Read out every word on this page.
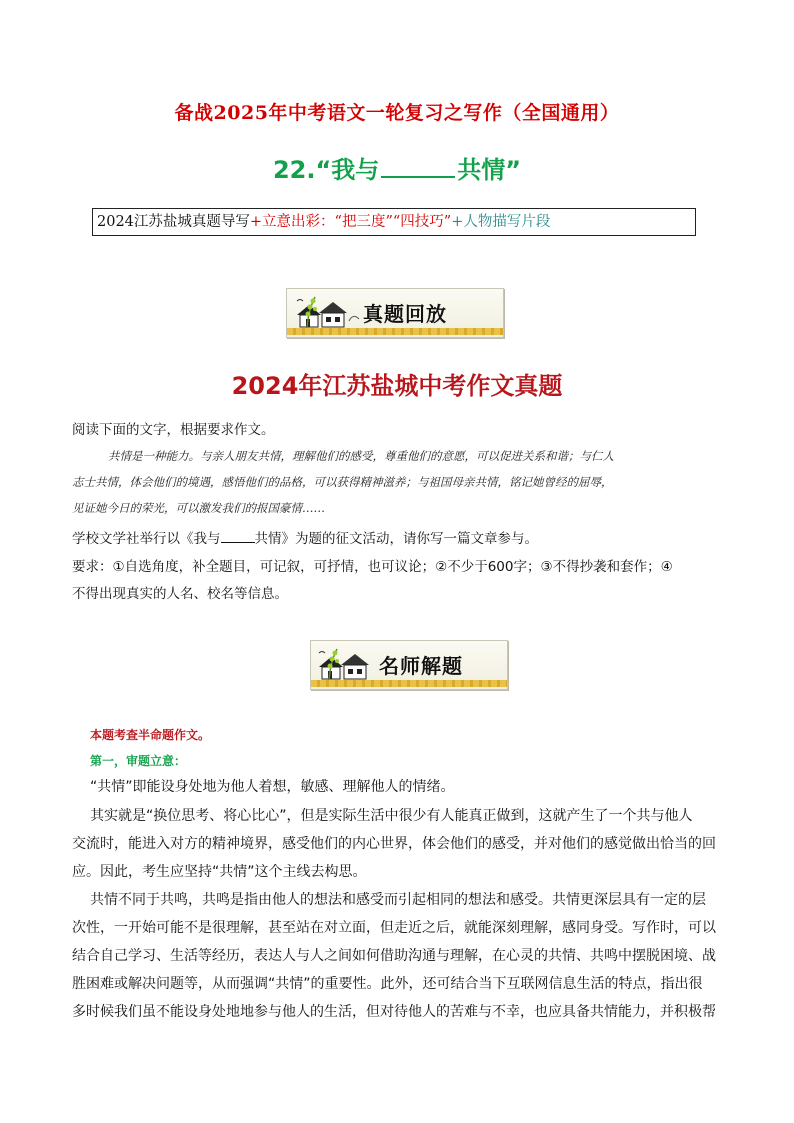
备战2025年中考语文一轮复习之写作（全国通用）
22.“我与	共情”
2024江苏盐城真题导写+立意出彩：“把三度”“四技巧”+人物描写片段
真题回放
2024年江苏盐城中考作文真题
阅读下面的文字，根据要求作文。
共情是一种能力。与亲人朋友共情，理解他们的感受，尊重他们的意愿，可以促进关系和谐；与仁人
志士共情，体会他们的境遇，感悟他们的品格，可以获得精神滋养；与祖国母亲共情，铭记她曾经的屈辱，
见证她今日的荣光，可以激发我们的报国豪情……
学校文学社举行以《我与	共情》为题的征文活动，请你写一篇文章参与。
要求：①自选角度，补全题目，可记叙，可抒情，也可议论；②不少于600字；③不得抄袭和套作；④
不得出现真实的人名、校名等信息。
名师解题
本题考查半命题作文。
第一，审题立意：
“共情”即能设身处地为他人着想，敏感、理解他人的情绪。
其实就是“换位思考、将心比心”，但是实际生活中很少有人能真正做到，这就产生了一个共与他人
交流时，能进入对方的精神境界，感受他们的内心世界，体会他们的感受，并对他们的感觉做出恰当的回
应。因此，考生应坚持“共情”这个主线去构思。
共情不同于共鸣，共鸣是指由他人的想法和感受而引起相同的想法和感受。共情更深层具有一定的层
次性，一开始可能不是很理解，甚至站在对立面，但走近之后，就能深刻理解，感同身受。写作时，可以
结合自己学习、生活等经历，表达人与人之间如何借助沟通与理解，在心灵的共情、共鸣中摆脱困境、战
胜困难或解决问题等，从而强调“共情”的重要性。此外，还可结合当下互联网信息生活的特点，指出很
多时候我们虽不能设身处地地参与他人的生活，但对待他人的苦难与不幸，也应具备共情能力，并积极帮
